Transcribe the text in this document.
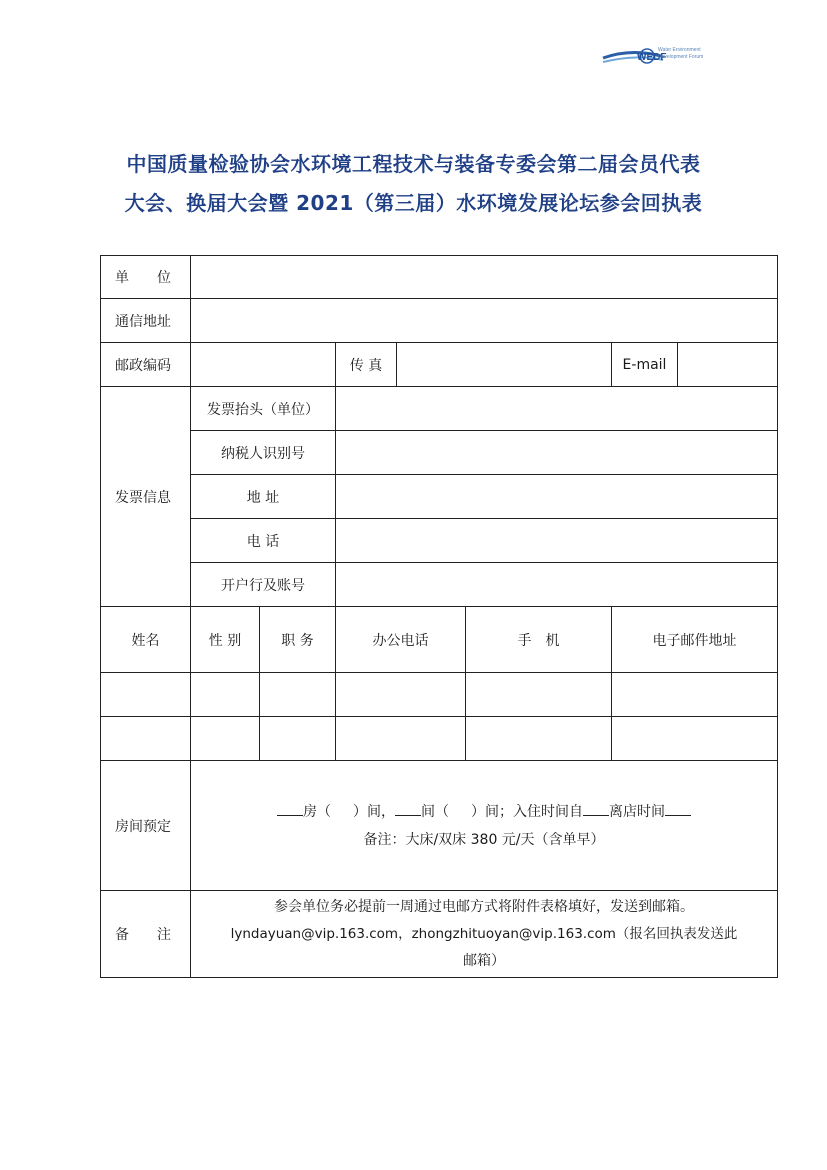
WEDF
Water Environment
Development Forum
中国质量检验协会水环境工程技术与装备专委会第二届会员代表
大会、换届大会暨 2021（第三届）水环境发展论坛参会回执表
单　　位							
通信地址							
邮政编码			传 真			E-mail	
发票信息	发票抬头（单位）						
	纳税人识别号						
	地 址						
	电 话						
	开户行及账号						
姓名	性 别	职 务	办公电话		手　机	电子邮件地址	

房间预定	房（ ）间， 间（ ）间；入住时间自 离店时间
备注：大床/双床 380 元/天（含单早）						

备　　注	参会单位务必提前一周通过电邮方式将附件表格填好，发送到邮箱。
lyndayuan@vip.163.com，zhongzhituoyan@vip.163.com（报名回执表发送此
邮箱）						
